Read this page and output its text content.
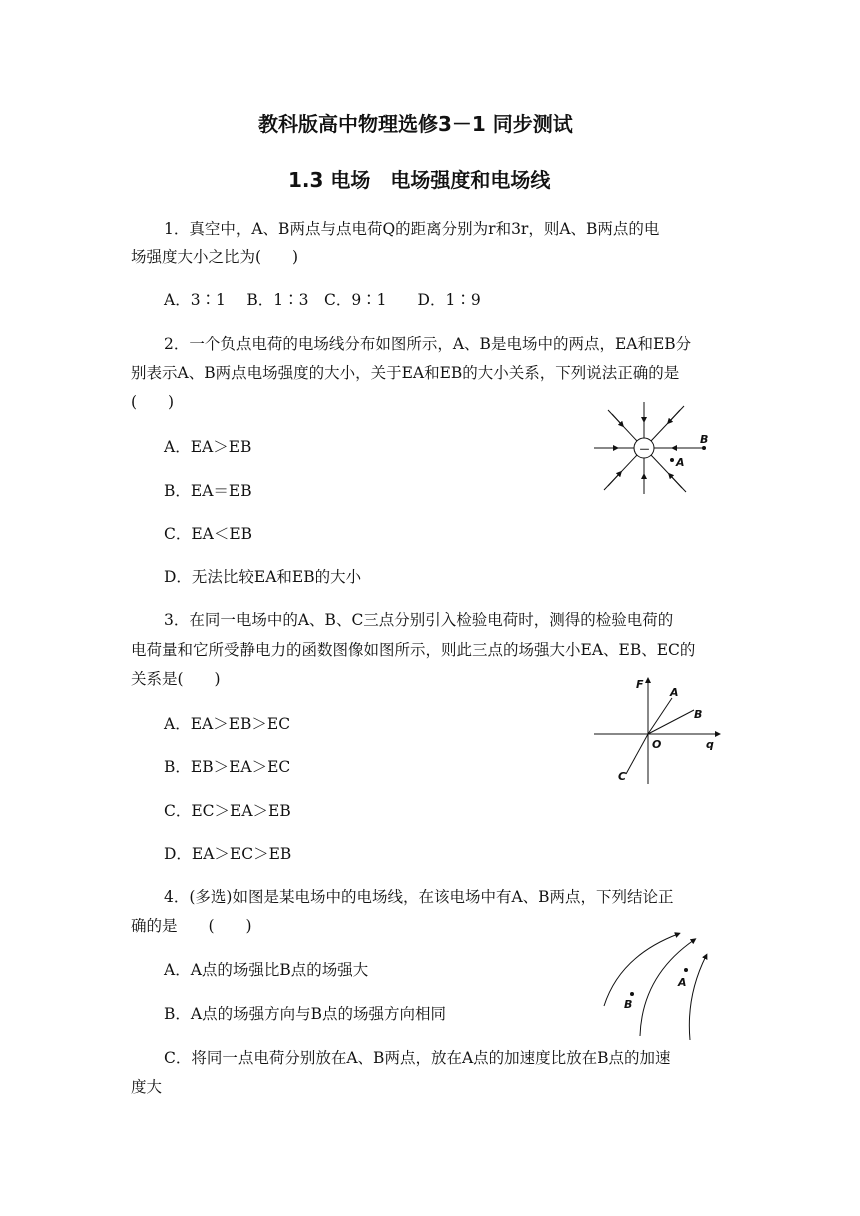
教科版高中物理选修3－1 同步测试
1.3 电场　电场强度和电场线
1．真空中，A、B两点与点电荷Q的距离分别为r和3r，则A、B两点的电
场强度大小之比为(　　)
A．3∶1　 B．1∶3　C．9∶1　　D．1∶9
2．一个负点电荷的电场线分布如图所示，A、B是电场中的两点，EA和EB分
别表示A、B两点电场强度的大小，关于EA和EB的大小关系，下列说法正确的是
(　　)
A．EA＞EB
B．EA＝EB
C．EA＜EB
D．无法比较EA和EB的大小
－
B
A
3．在同一电场中的A、B、C三点分别引入检验电荷时，测得的检验电荷的
电荷量和它所受静电力的函数图像如图所示，则此三点的场强大小EA、EB、EC的
关系是(　　)
A．EA＞EB＞EC
B．EB＞EA＞EC
C．EC＞EA＞EB
D．EA＞EC＞EB
F
q
O
A
B
C
4．(多选)如图是某电场中的电场线，在该电场中有A、B两点，下列结论正
确的是　　(　　)
A．A点的场强比B点的场强大
B．A点的场强方向与B点的场强方向相同
C．将同一点电荷分别放在A、B两点，放在A点的加速度比放在B点的加速
度大
A
B
